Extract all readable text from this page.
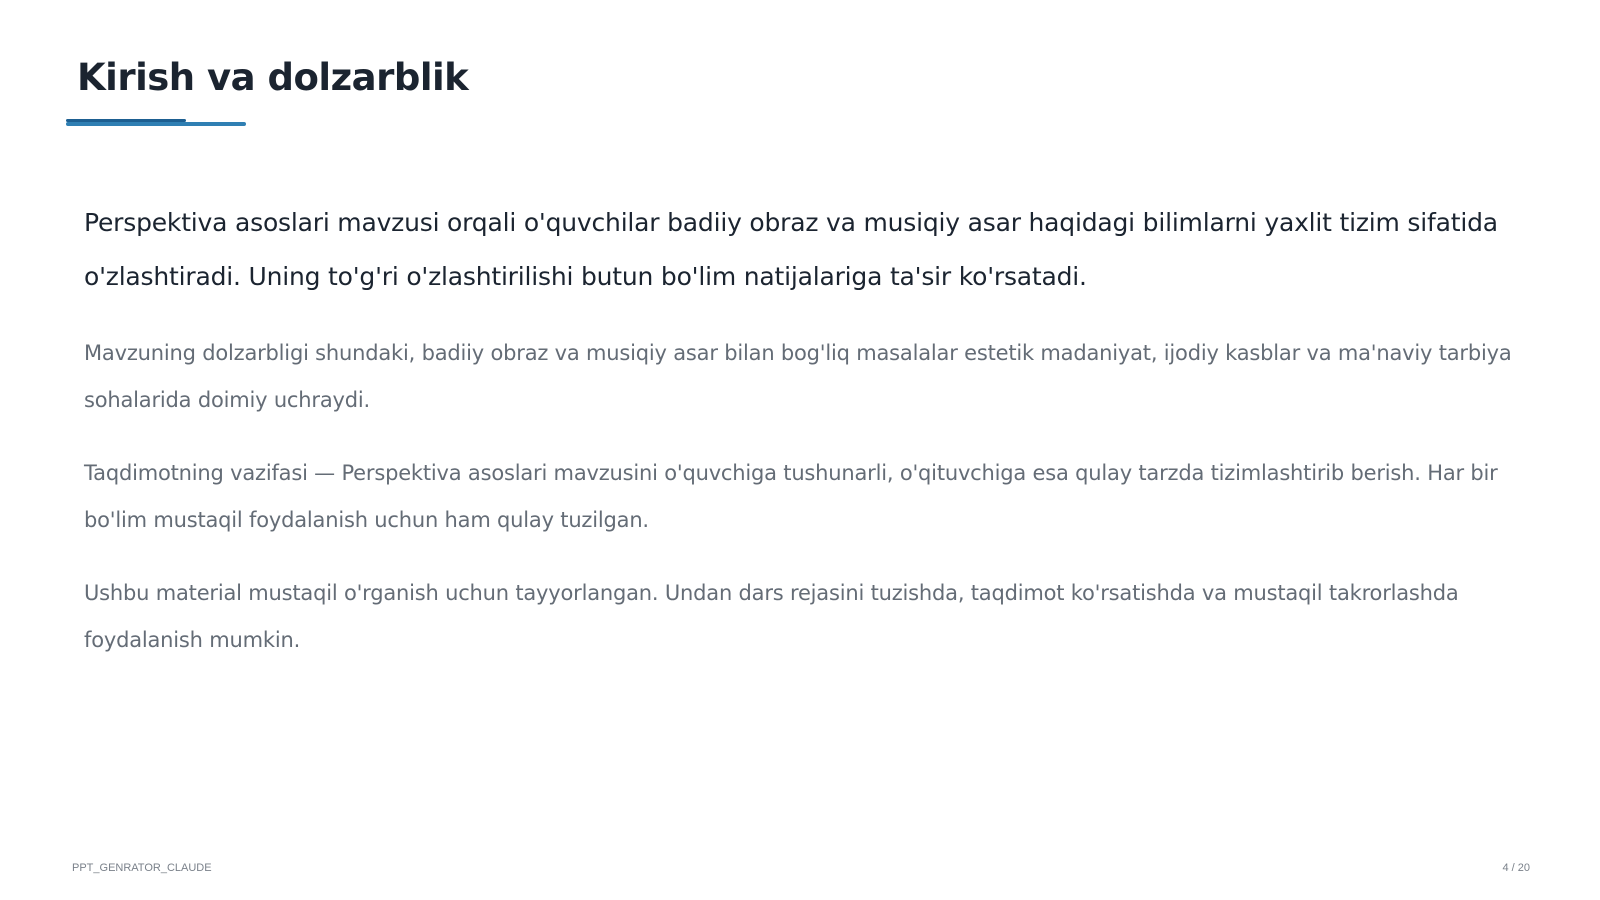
Kirish va dolzarblik

Perspektiva asoslari mavzusi orqali o'quvchilar badiiy obraz va musiqiy asar haqidagi bilimlarni yaxlit tizim sifatida o'zlashtiradi. Uning to'g'ri o'zlashtirilishi butun bo'lim natijalariga ta'sir ko'rsatadi.

Mavzuning dolzarbligi shundaki, badiiy obraz va musiqiy asar bilan bog'liq masalalar estetik madaniyat, ijodiy kasblar va ma'naviy tarbiya sohalarida doimiy uchraydi.

Taqdimotning vazifasi — Perspektiva asoslari mavzusini o'quvchiga tushunarli, o'qituvchiga esa qulay tarzda tizimlashtirib berish. Har bir bo'lim mustaqil foydalanish uchun ham qulay tuzilgan.

Ushbu material mustaqil o'rganish uchun tayyorlangan. Undan dars rejasini tuzishda, taqdimot ko'rsatishda va mustaqil takrorlashda foydalanish mumkin.

PPT_GENRATOR_CLAUDE	4 / 20
